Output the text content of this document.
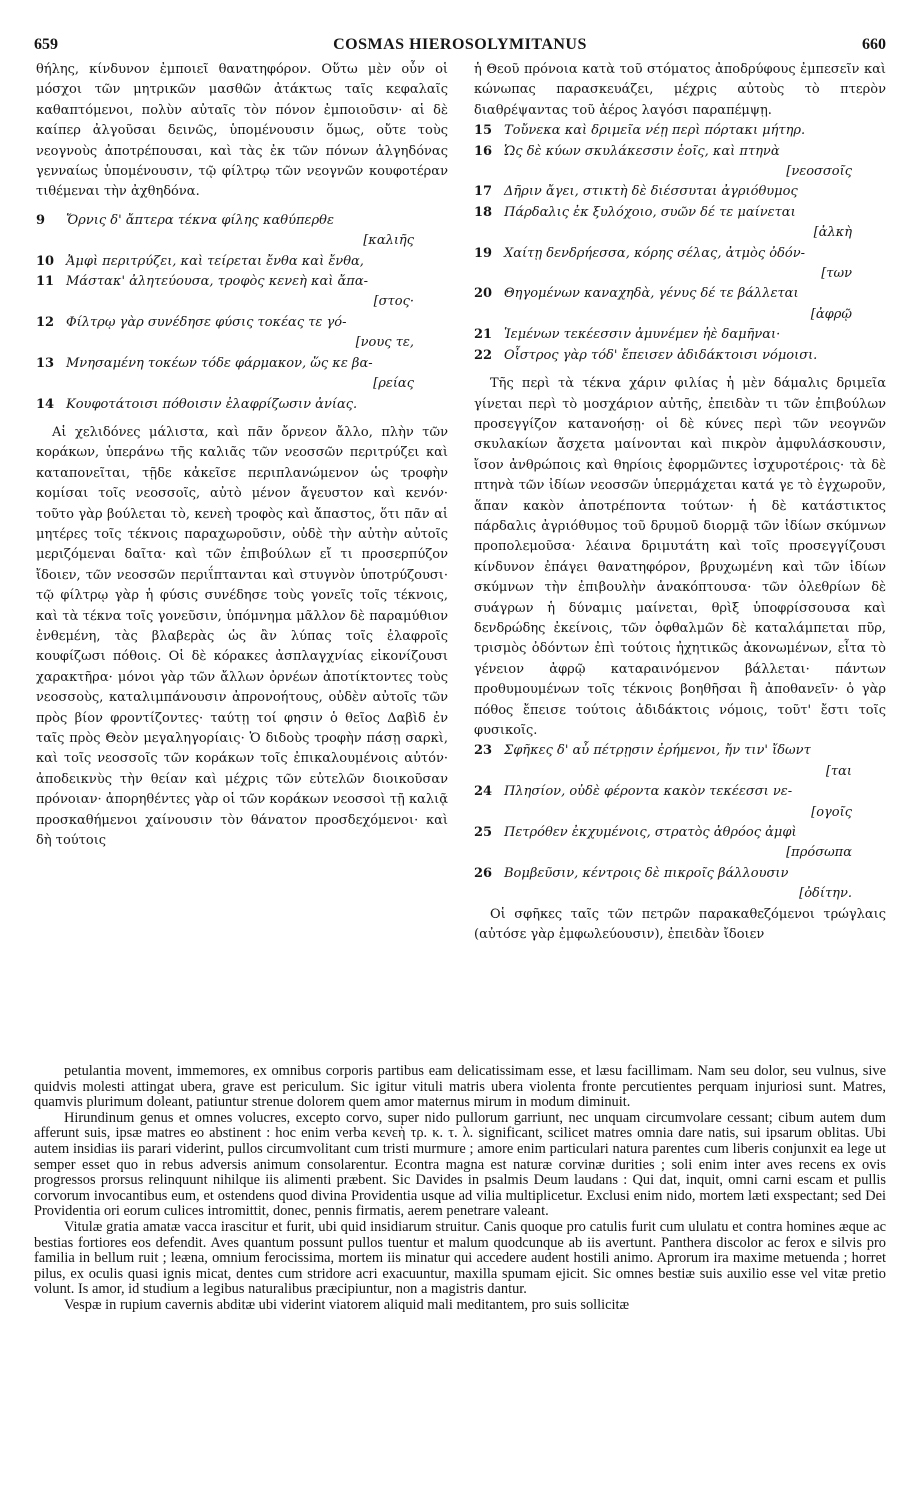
659	COSMAS HIEROSOLYMITANUS	660

θήλης, κίνδυνον ἐμποιεῖ θανατηφόρον. Οὕτω μὲν οὖν οἱ μόσχοι τῶν μητρικῶν μασθῶν ἀτάκτως ταῖς κεφαλαῖς καθαπτόμενοι, πολὺν αὐταῖς τὸν πόνον ἐμποιοῦσιν· αἱ δὲ καίπερ ἀλγοῦσαι δεινῶς, ὑπομένουσιν ὅμως, οὔτε τοὺς νεογνοὺς ἀποτρέπουσαι, καὶ τὰς ἐκ τῶν πόνων ἀλγηδόνας γενναίως ὑπομένουσιν, τῷ φίλτρῳ τῶν νεογνῶν κουφοτέραν τιθέμεναι τὴν ἀχθηδόνα.

9 Ὄρνις δ' ἄπτερα τέκνα φίλης καθύπερθε
[καλιῆς
10 Ἀμφὶ περιτρύζει, καὶ τείρεται ἔνθα καὶ ἔνθα,
11 Μάστακ' ἀλητεύουσα, τροφὸς κενεὴ καὶ ἄπα-
[στος·
12 Φίλτρῳ γὰρ συνέδησε φύσις τοκέας τε γό-
[νους τε,
13 Μνησαμένη τοκέων τόδε φάρμακον, ὥς κε βα-
[ρείας
14 Κουφοτάτοισι πόθοισιν ἐλαφρίζωσιν ἀνίας.

Αἱ χελιδόνες μάλιστα, καὶ πᾶν ὄρνεον ἄλλο, πλὴν τῶν κοράκων, ὑπεράνω τῆς καλιᾶς τῶν νεοσσῶν περιτρύζει καὶ καταπονεῖται, τῇδε κἀκεῖσε περιπλανώμενον ὡς τροφὴν κομίσαι τοῖς νεοσσοῖς, αὐτὸ μένον ἄγευστον καὶ κενόν· τοῦτο γὰρ βούλεται τὸ, κενεὴ τροφὸς καὶ ἄπαστος, ὅτι πᾶν αἱ μητέρες τοῖς τέκνοις παραχωροῦσιν, οὐδὲ τὴν αὐτὴν αὐτοῖς μεριζόμεναι δαῖτα· καὶ τῶν ἐπιβούλων εἴ τι προσερπύζον ἴδοιεν, τῶν νεοσσῶν περιΐπτανται καὶ στυγνὸν ὑποτρύζουσι· τῷ φίλτρῳ γὰρ ἡ φύσις συνέδησε τοὺς γονεῖς τοῖς τέκνοις, καὶ τὰ τέκνα τοῖς γονεῦσιν, ὑπόμνημα μᾶλλον δὲ παραμύθιον ἐνθεμένη, τὰς βλαβερὰς ὡς ἂν λύπας τοῖς ἐλαφροῖς κουφίζωσι πόθοις. Οἱ δὲ κόρακες ἀσπλαγχνίας εἰκονίζουσι χαρακτῆρα· μόνοι γὰρ τῶν ἄλλων ὀρνέων ἀποτίκτοντες τοὺς νεοσσοὺς, καταλιμπάνουσιν ἀπρονοήτους, οὐδὲν αὐτοῖς τῶν πρὸς βίον φροντίζοντες· ταύτῃ τοί φησιν ὁ θεῖος Δαβὶδ ἐν ταῖς πρὸς Θεὸν μεγαληγορίαις· Ὁ διδοὺς τροφὴν πάσῃ σαρκὶ, καὶ τοῖς νεοσσοῖς τῶν κοράκων τοῖς ἐπικαλουμένοις αὐτόν· ἀποδεικνὺς τὴν θείαν καὶ μέχρις τῶν εὐτελῶν διοικοῦσαν πρόνοιαν· ἀπορηθέντες γὰρ οἱ τῶν κοράκων νεοσσοὶ τῇ καλιᾷ προσκαθήμενοι χαίνουσιν τὸν θάνατον προσδεχόμενοι· καὶ δὴ τούτοις

ἡ Θεοῦ πρόνοια κατὰ τοῦ στόματος ἀποδρύφους ἐμπεσεῖν καὶ κώνωπας παρασκευάζει, μέχρις αὐτοὺς τὸ πτερὸν διαθρέψαντας τοῦ ἀέρος λαγόσι παραπέμψῃ.

15 Τοὔνεκα καὶ δριμεῖα νέῃ περὶ πόρτακι μήτηρ.
16 Ὡς δὲ κύων σκυλάκεσσιν ἑοῖς, καὶ πτηνὰ
[νεοσσοῖς
17 Δῆριν ἄγει, στικτὴ δὲ διέσσυται ἀγριόθυμος
18 Πάρδαλις ἐκ ξυλόχοιο, συῶν δέ τε μαίνεται
[ἀλκὴ
19 Χαίτῃ δενδρήεσσα, κόρης σέλας, ἀτμὸς ὀδόν-
[των
20 Θηγομένων καναχηδὰ, γένυς δέ τε βάλλεται
[ἀφρῷ
21 Ἱεμένων τεκέεσσιν ἀμυνέμεν ἠὲ δαμῆναι·
22 Οἶστρος γὰρ τόδ' ἔπεισεν ἀδιδάκτοισι νόμοισι.

Τῆς περὶ τὰ τέκνα χάριν φιλίας ἡ μὲν δάμαλις δριμεῖα γίνεται περὶ τὸ μοσχάριον αὐτῆς, ἐπειδὰν τι τῶν ἐπιβούλων προσεγγίζον κατανοήσῃ· οἱ δὲ κύνες περὶ τῶν νεογνῶν σκυλακίων ἄσχετα μαίνονται καὶ πικρὸν ἀμφυλάσκουσιν, ἴσον ἀνθρώποις καὶ θηρίοις ἐφορμῶντες ἰσχυροτέροις· τὰ δὲ πτηνὰ τῶν ἰδίων νεοσσῶν ὑπερμάχεται κατά γε τὸ ἐγχωροῦν, ἅπαν κακὸν ἀποτρέποντα τούτων· ἡ δὲ κατάστικτος πάρδαλις ἀγριόθυμος τοῦ δρυμοῦ διορμᾷ τῶν ἰδίων σκύμνων προπολεμοῦσα· λέαινα δριμυτάτη καὶ τοῖς προσεγγίζουσι κίνδυνον ἐπάγει θανατηφόρον, βρυχωμένη καὶ τῶν ἰδίων σκύμνων τὴν ἐπιβουλὴν ἀνακόπτουσα· τῶν ὀλεθρίων δὲ συάγρων ἡ δύναμις μαίνεται, θρὶξ ὑποφρίσσουσα καὶ δενδρώδης ἐκείνοις, τῶν ὀφθαλμῶν δὲ καταλάμπεται πῦρ, τρισμὸς ὀδόντων ἐπὶ τούτοις ἠχητικῶς ἀκονωμένων, εἶτα τὸ γένειον ἀφρῷ καταραινόμενον βάλλεται· πάντων προθυμουμένων τοῖς τέκνοις βοηθῆσαι ἢ ἀποθανεῖν· ὁ γὰρ πόθος ἔπεισε τούτοις ἀδιδάκτοις νόμοις, τοῦτ' ἔστι τοῖς φυσικοῖς.

23 Σφῆκες δ' αὖ πέτρῃσιν ἐρήμενοι, ἤν τιν' ἴδωντ
[ται
24 Πλησίον, οὐδὲ φέροντα κακὸν τεκέεσσι νε-
[ογοῖς
25 Πετρόθεν ἐκχυμένοις, στρατὸς ἀθρόος ἀμφὶ
[πρόσωπα
26 Βομβεῦσιν, κέντροις δὲ πικροῖς βάλλουσιν
[ὀδίτην.

Οἱ σφῆκες ταῖς τῶν πετρῶν παρακαθεζόμενοι τρώγλαις (αὐτόσε γὰρ ἐμφωλεύουσιν), ἐπειδὰν ἴδοιεν

petulantia movent, immemores, ex omnibus corporis partibus eam delicatissimam esse, et læsu facillimam. Nam seu dolor, seu vulnus, sive quidvis molesti attingat ubera, grave est periculum. Sic igitur vituli matris ubera violenta fronte percutientes perquam injuriosi sunt. Matres, quamvis plurimum doleant, patiuntur strenue dolorem quem amor maternus mirum in modum diminuit.

Hirundinum genus et omnes volucres, excepto corvo, super nido pullorum garriunt, nec unquam circumvolare cessant; cibum autem dum afferunt suis, ipsæ matres eo abstinent : hoc enim verba κενεὴ τρ. κ. τ. λ. significant, scilicet matres omnia dare natis, sui ipsarum oblitas. Ubi autem insidias iis parari viderint, pullos circumvolitant cum tristi murmure ; amore enim particulari natura parentes cum liberis conjunxit ea lege ut semper esset quo in rebus adversis animum consolarentur. Econtra magna est naturæ corvinæ durities ; soli enim inter aves recens ex ovis progressos prorsus relinquunt nihilque iis alimenti præbent. Sic Davides in psalmis Deum laudans : Qui dat, inquit, omni carni escam et pullis corvorum invocantibus eum, et ostendens quod divina Providentia usque ad vilia multiplicetur. Exclusi enim nido, mortem læti exspectant; sed Dei Providentia ori eorum culices intromittit, donec, pennis firmatis, aerem penetrare valeant.

Vitulæ gratia amatæ vacca irascitur et furit, ubi quid insidiarum struitur. Canis quoque pro catulis furit cum ululatu et contra homines æque ac bestias fortiores eos defendit. Aves quantum possunt pullos tuentur et malum quodcunque ab iis avertunt. Panthera discolor ac ferox e silvis pro familia in bellum ruit ; leæna, omnium ferocissima, mortem iis minatur qui accedere audent hostili animo. Aprorum ira maxime metuenda ; horret pilus, ex oculis quasi ignis micat, dentes cum stridore acri exacuuntur, maxilla spumam ejicit. Sic omnes bestiæ suis auxilio esse vel vitæ pretio volunt. Is amor, id studium a legibus naturalibus præcipiuntur, non a magistris dantur.

Vespæ in rupium cavernis abditæ ubi viderint viatorem aliquid mali meditantem, pro suis sollicitæ
